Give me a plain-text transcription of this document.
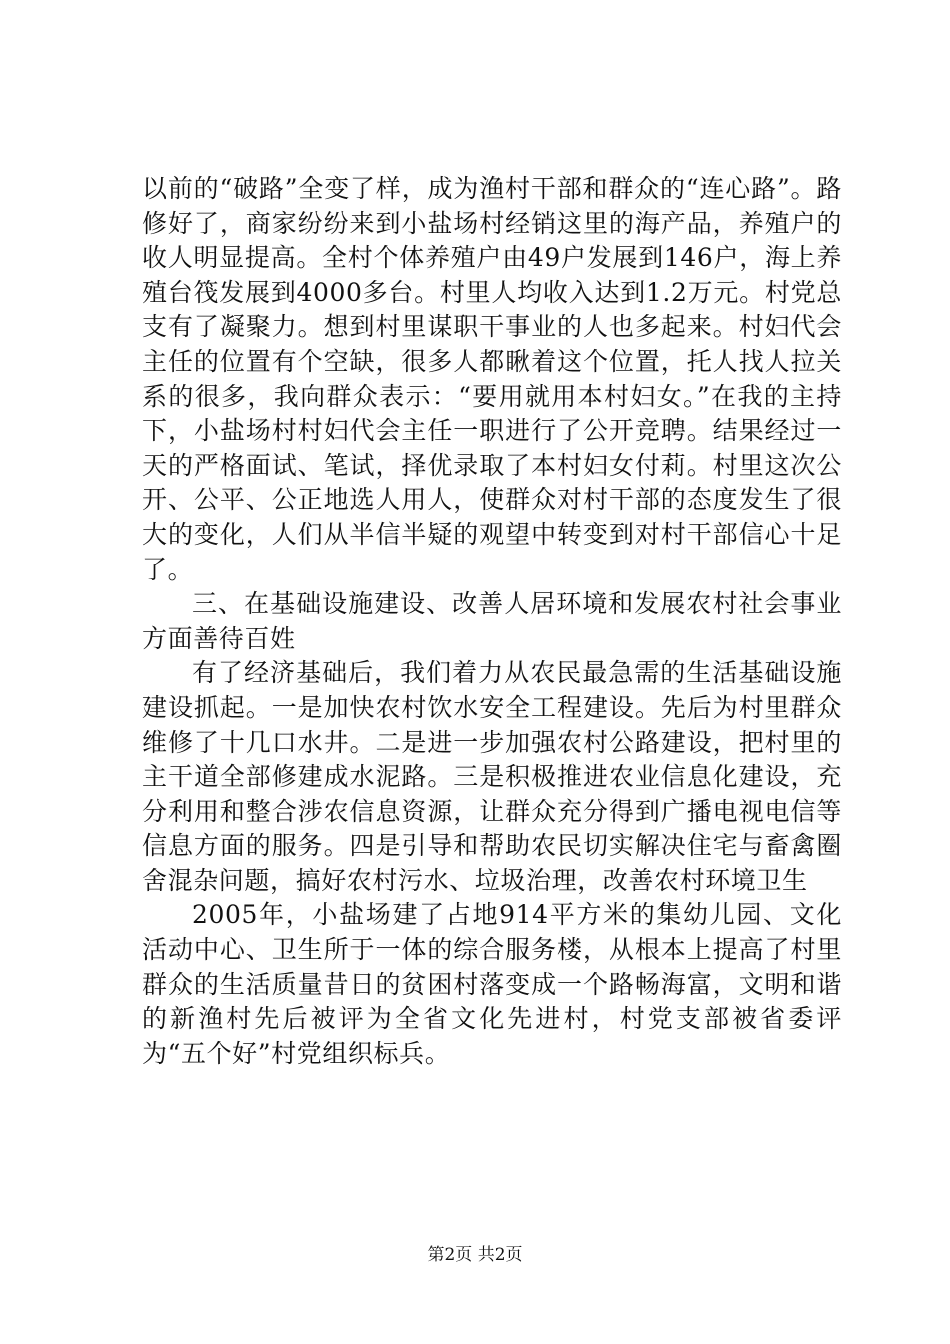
以前的“破路”全变了样，成为渔村干部和群众的“连心路”。路修好了，商家纷纷来到小盐场村经销这里的海产品，养殖户的收人明显提高。全村个体养殖户由49户发展到146户，海上养殖台筏发展到4000多台。村里人均收入达到1.2万元。村党总支有了凝聚力。想到村里谋职干事业的人也多起来。村妇代会主任的位置有个空缺，很多人都瞅着这个位置，托人找人拉关系的很多，我向群众表示：“要用就用本村妇女。”在我的主持下，小盐场村村妇代会主任一职进行了公开竞聘。结果经过一天的严格面试、笔试，择优录取了本村妇女付莉。村里这次公开、公平、公正地选人用人，使群众对村干部的态度发生了很大的变化，人们从半信半疑的观望中转变到对村干部信心十足了。

三、在基础设施建设、改善人居环境和发展农村社会事业方面善待百姓

有了经济基础后，我们着力从农民最急需的生活基础设施建设抓起。一是加快农村饮水安全工程建设。先后为村里群众维修了十几口水井。二是进一步加强农村公路建设，把村里的主干道全部修建成水泥路。三是积极推进农业信息化建设，充分利用和整合涉农信息资源，让群众充分得到广播电视电信等信息方面的服务。四是引导和帮助农民切实解决住宅与畜禽圈舍混杂问题，搞好农村污水、垃圾治理，改善农村环境卫生

2005年，小盐场建了占地914平方米的集幼儿园、文化活动中心、卫生所于一体的综合服务楼，从根本上提高了村里群众的生活质量昔日的贫困村落变成一个路畅海富，文明和谐的新渔村先后被评为全省文化先进村，村党支部被省委评为“五个好”村党组织标兵。

第2页 共2页
